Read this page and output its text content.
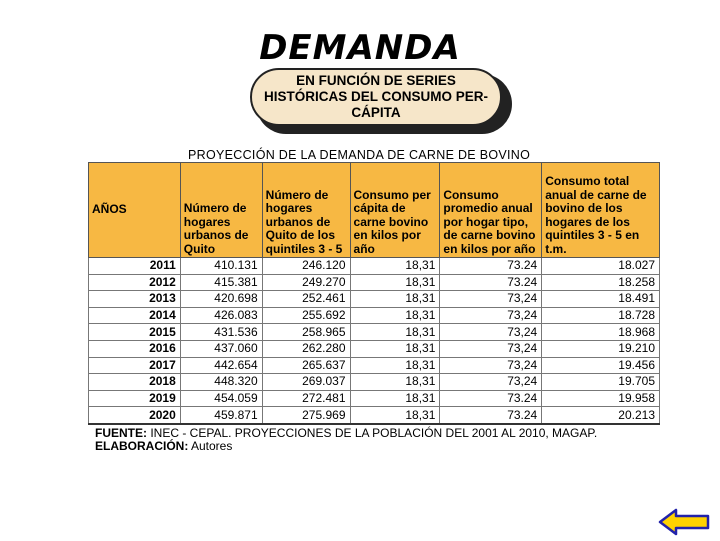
DEMANDA
EN FUNCIÓN DE SERIES
HISTÓRICAS DEL CONSUMO PER-
CÁPITA
PROYECCIÓN DE LA DEMANDA DE CARNE DE BOVINO
AÑOS	Número de hogares urbanos de Quito	Número de hogares urbanos de Quito de los quintiles 3 - 5	Consumo per cápita de carne bovino en kilos por año	Consumo promedio anual por hogar tipo, de carne bovino en kilos por año	Consumo total anual de carne de bovino de los hogares de los quintiles 3 - 5 en t.m.
2011	410.131	246.120	18,31	73.24	18.027
2012	415.381	249.270	18,31	73.24	18.258
2013	420.698	252.461	18,31	73,24	18.491
2014	426.083	255.692	18,31	73,24	18.728
2015	431.536	258.965	18,31	73,24	18.968
2016	437.060	262.280	18,31	73,24	19.210
2017	442.654	265.637	18,31	73,24	19.456
2018	448.320	269.037	18,31	73,24	19.705
2019	454.059	272.481	18,31	73.24	19.958
2020	459.871	275.969	18,31	73.24	20.213
FUENTE: INEC - CEPAL. PROYECCIONES DE LA POBLACIÓN DEL 2001 AL 2010, MAGAP.
ELABORACIÓN: Autores
